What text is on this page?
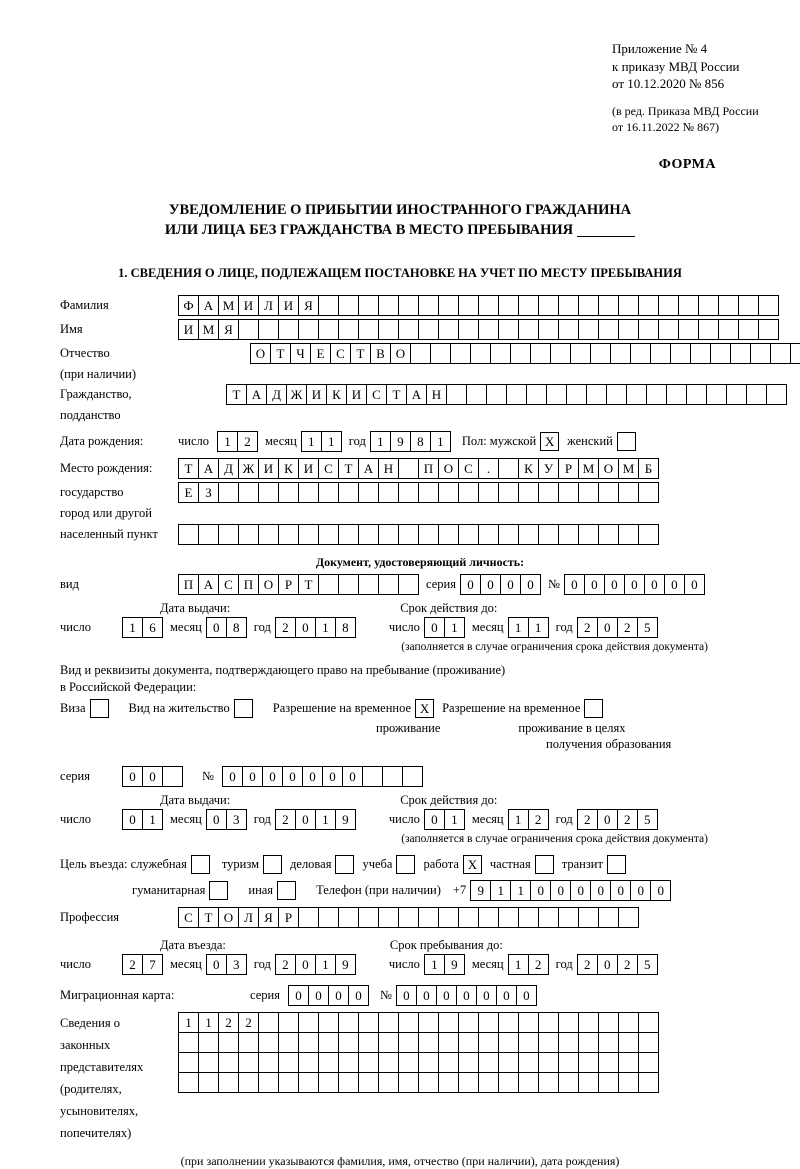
Приложение № 4
к приказу МВД России
от 10.12.2020 № 856
(в ред. Приказа МВД России
от 16.11.2022 № 867)
ФОРМА
УВЕДОМЛЕНИЕ О ПРИБЫТИИ ИНОСТРАННОГО ГРАЖДАНИНА
ИЛИ ЛИЦА БЕЗ ГРАЖДАНСТВА В МЕСТО ПРЕБЫВАНИЯ
1. СВЕДЕНИЯ О ЛИЦЕ, ПОДЛЕЖАЩЕМ ПОСТАНОВКЕ НА УЧЕТ ПО МЕСТУ ПРЕБЫВАНИЯ
Фамилия	Ф А М И Л И Я
Имя	И М Я
Отчество	О Т Ч Е С Т В О
(при наличии)
Гражданство,	Т А Д Ж И К И С Т А Н
подданство
Дата рождения:	число	1	2	месяц 1	1	год 1	9	8	1	Пол: мужской X	женский
Место рождения:	Т А Д Ж И К И С Т А Н	П О С	.	К У Р М О М Б
государство	Е З
город или другой
населенный пункт
Документ, удостоверяющий личность:
вид	П А С П О Р Т	серия 0	0	0	0	№ 0	0	0	0	0	0	0
Дата выдачи:	Срок действия до:
число	1	6	месяц 0	8	год 2	0	1	8	число 0	1	месяц 1	1	год 2	0	2	5
(заполняется в случае ограничения срока действия документа)
Вид и реквизиты документа, подтверждающего право на пребывание (проживание)
в Российской Федерации:
Виза	Вид на жительство	Разрешение на временное X	Разрешение на временное
проживание	проживание в целях
получения образования
серия	0	0	№	0	0	0	0	0	0	0
Дата выдачи:	Срок действия до:
число	0	1	месяц 0	3	год 2	0	1	9	число 0	1	месяц 1	2	год 2	0	2	5
(заполняется в случае ограничения срока действия документа)
Цель въезда: служебная	туризм деловая учеба работа X	частная транзит
гуманитарная	иная	Телефон (при наличии) +7 9	1	1	0	0	0	0	0	0	0
Профессия	С Т О Л Я Р
Дата въезда:	Срок пребывания до:
число	2	7	месяц 0	3	год 2	0	1	9	число 1	9	месяц 1	2	год 2	0	2	5
Миграционная карта:	серия	0	0	0	0	№ 0	0	0	0	0	0	0
Сведения о
законных
представителях
(родителях,
усыновителях,
попечителях)
1	1	2	2
(при заполнении указываются фамилия, имя, отчество (при наличии), дата рождения)
